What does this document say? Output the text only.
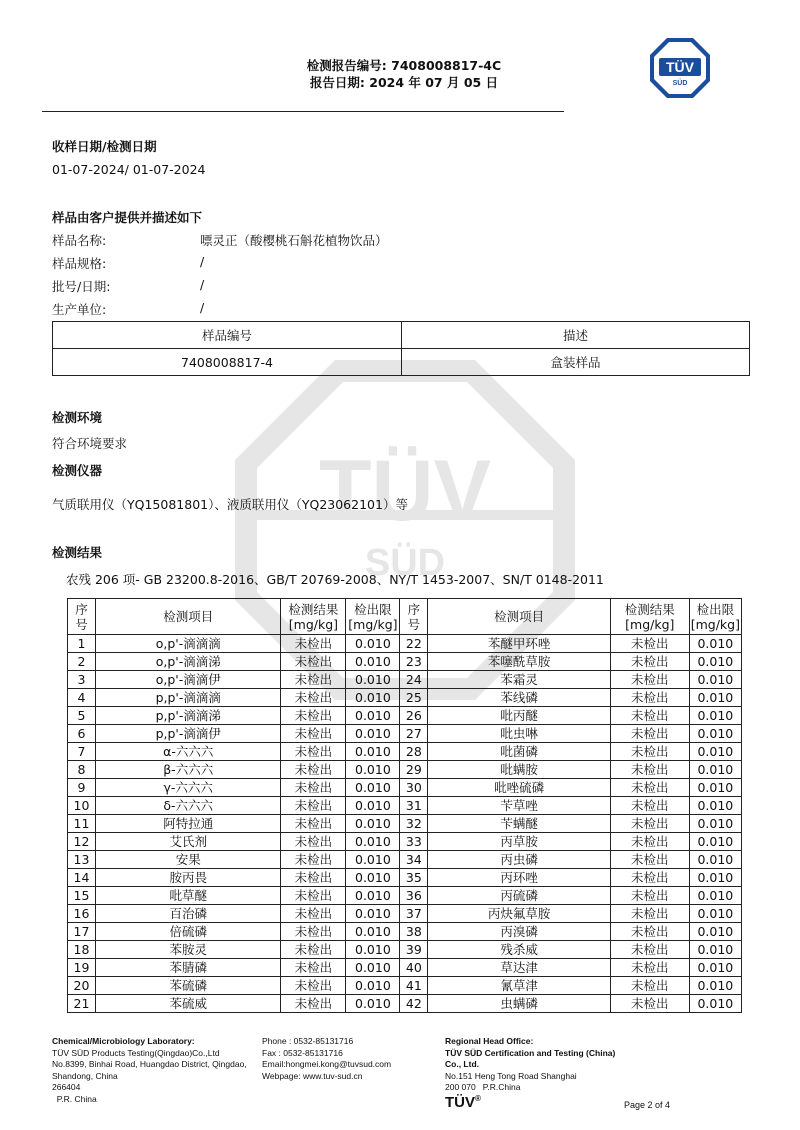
TÜV
SÜD
检测报告编号: 7408008817-4C
报告日期: 2024 年 07 月 05 日
TÜV
SÜD
收样日期/检测日期
01-07-2024/ 01-07-2024
样品由客户提供并描述如下
样品名称:	嘌灵正（酸樱桃石斛花植物饮品）
样品规格:	/
批号/日期:	/
生产单位:	/
样品编号	描述
7408008817-4	盒装样品
检测环境
符合环境要求
检测仪器
气质联用仪（YQ15081801）、液质联用仪（YQ23062101）等
检测结果
农残 206 项- GB 23200.8-2016、GB/T 20769-2008、NY/T 1453-2007、SN/T 0148-2011
序号	检测项目	检测结果[mg/kg]	检出限[mg/kg]	序号	检测项目	检测结果[mg/kg]	检出限[mg/kg]
1	o,p'-滴滴滴	未检出	0.010	22	苯醚甲环唑	未检出	0.010
2	o,p'-滴滴涕	未检出	0.010	23	苯噻酰草胺	未检出	0.010
3	o,p'-滴滴伊	未检出	0.010	24	苯霜灵	未检出	0.010
4	p,p'-滴滴滴	未检出	0.010	25	苯线磷	未检出	0.010
5	p,p'-滴滴涕	未检出	0.010	26	吡丙醚	未检出	0.010
6	p,p'-滴滴伊	未检出	0.010	27	吡虫啉	未检出	0.010
7	α-六六六	未检出	0.010	28	吡菌磷	未检出	0.010
8	β-六六六	未检出	0.010	29	吡螨胺	未检出	0.010
9	γ-六六六	未检出	0.010	30	吡唑硫磷	未检出	0.010
10	δ-六六六	未检出	0.010	31	苄草唑	未检出	0.010
11	阿特拉通	未检出	0.010	32	苄螨醚	未检出	0.010
12	艾氏剂	未检出	0.010	33	丙草胺	未检出	0.010
13	安果	未检出	0.010	34	丙虫磷	未检出	0.010
14	胺丙畏	未检出	0.010	35	丙环唑	未检出	0.010
15	吡草醚	未检出	0.010	36	丙硫磷	未检出	0.010
16	百治磷	未检出	0.010	37	丙炔氟草胺	未检出	0.010
17	倍硫磷	未检出	0.010	38	丙溴磷	未检出	0.010
18	苯胺灵	未检出	0.010	39	残杀威	未检出	0.010
19	苯腈磷	未检出	0.010	40	草达津	未检出	0.010
20	苯硫磷	未检出	0.010	41	氰草津	未检出	0.010
21	苯硫威	未检出	0.010	42	虫螨磷	未检出	0.010
Chemical/Microbiology Laboratory:
TÜV SÜD Products Testing(Qingdao)Co.,Ltd
No.8399, Binhai Road, Huangdao District, Qingdao,
Shandong, China
266404
P.R. China
Phone : 0532-85131716
Fax : 0532-85131716
Email:hongmei.kong@tuvsud.com
Webpage: www.tuv-sud.cn
Regional Head Office:
TÜV SÜD Certification and Testing (China)
Co., Ltd.
No.151 Heng Tong Road Shanghai
200 070   P.R.China
TÜV®
Page 2 of 4
